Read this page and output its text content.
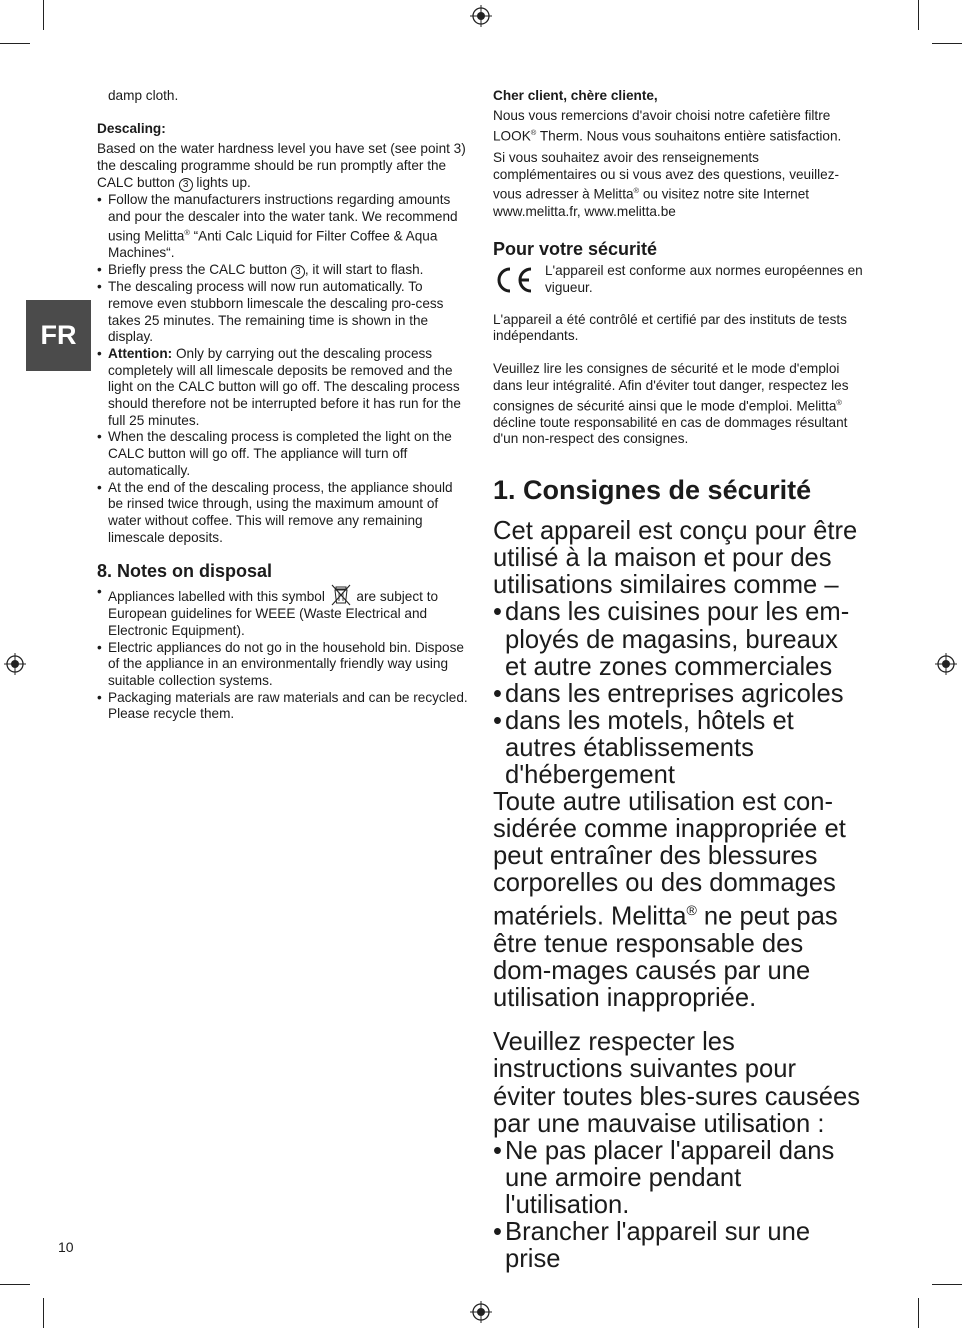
FR
10

damp cloth.

Descaling:

Based on the water hardness level you have set (see point 3) the descaling programme should be run promptly after the CALC button 3 lights up.

• Follow the manufacturers instructions regarding amounts and pour the descaler into the water tank. We recommend using Melitta® “Anti Calc Liquid for Filter Coffee & Aqua Machines“.
• Briefly press the CALC button 3 , it will start to flash.
• The descaling process will now run automatically. To remove even stubborn limescale the descaling pro-cess takes 25 minutes. The remaining time is shown in the display.
• Attention: Only by carrying out the descaling process completely will all limescale deposits be removed and the light on the CALC button will go off. The descaling process should therefore not be interrupted before it has run for the full 25 minutes.
• When the descaling process is completed the light on the CALC button will go off. The appliance will turn off automatically.
• At the end of the descaling process, the appliance should be rinsed twice through, using the maximum amount of water without coffee. This will remove any remaining limescale deposits.

8. Notes on disposal

• Appliances labelled with this symbol are subject to European guidelines for WEEE (Waste Electrical and Electronic Equipment).
• Electric appliances do not go in the household bin. Dispose of the appliance in an environmentally friendly way using suitable collection systems.
• Packaging materials are raw materials and can be recycled. Please recycle them.

Cher client, chère cliente,

Nous vous remercions d'avoir choisi notre cafetière filtre LOOK® Therm. Nous vous souhaitons entière satisfaction.

Si vous souhaitez avoir des renseignements complémentaires ou si vous avez des questions, veuillez-vous adresser à Melitta® ou visitez notre site Internet www.melitta.fr, www.melitta.be

Pour votre sécurité

L'appareil est conforme aux normes européennes en vigueur.

L'appareil a été contrôlé et certifié par des instituts de tests indépendants.

Veuillez lire les consignes de sécurité et le mode d'emploi dans leur intégralité. Afin d'éviter tout danger, respectez les consignes de sécurité ainsi que le mode d'emploi. Melitta® décline toute responsabilité en cas de dommages résultant d'un non-respect des consignes.

1. Consignes de sécurité

Cet appareil est conçu pour être utilisé à la maison et pour des utilisations similaires comme –

• dans les cuisines pour les em-ployés de magasins, bureaux et autre zones commerciales
• dans les entreprises agricoles
• dans les motels, hôtels et autres établissements d'hébergement

Toute autre utilisation est con-sidérée comme inappropriée et peut entraîner des blessures corporelles ou des dommages matériels. Melitta® ne peut pas être tenue responsable des dom-mages causés par une utilisation inappropriée.

Veuillez respecter les instructions suivantes pour éviter toutes bles-sures causées par une mauvaise utilisation :

• Ne pas placer l'appareil dans une armoire pendant l'utilisation.
• Brancher l'appareil sur une prise
